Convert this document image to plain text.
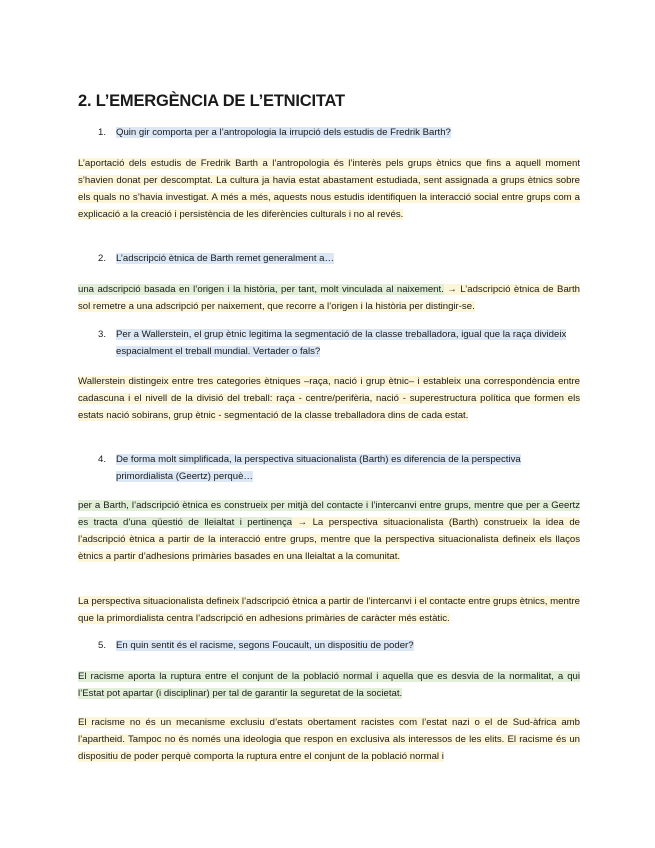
2. L’EMERGÈNCIA DE L’ETNICITAT
1.	Quin gir comporta per a l’antropologia la irrupció dels estudis de Fredrik Barth?
L’aportació dels estudis de Fredrik Barth a l’antropologia és l’interès pels grups ètnics que fins a aquell moment s’havien donat per descomptat. La cultura ja havia estat abastament estudiada, sent assignada a grups ètnics sobre els quals no s’havia investigat. A més a més, aquests nous estudis identifiquen la interacció social entre grups com a explicació a la creació i persistència de les diferències culturals i no al revés.
2.	L’adscripció ètnica de Barth remet generalment a…
una adscripció basada en l’origen i la història, per tant, molt vinculada al naixement. → L’adscripció ètnica de Barth sol remetre a una adscripció per naixement, que recorre a l’origen i la història per distingir-se.
3.	Per a Wallerstein, el grup ètnic legitima la segmentació de la classe treballadora, igual que la raça divideix espacialment el treball mundial. Vertader o fals?
Wallerstein distingeix entre tres categories ètniques –raça, nació i grup ètnic– i estableix una correspondència entre cadascuna i el nivell de la divisió del treball: raça - centre/perifèria, nació - superestructura política que formen els estats nació sobirans, grup ètnic - segmentació de la classe treballadora dins de cada estat.
4.	De forma molt simplificada, la perspectiva situacionalista (Barth) es diferencia de la perspectiva primordialista (Geertz) perquè…
per a Barth, l’adscripció ètnica es construeix per mitjà del contacte i l’intercanvi entre grups, mentre que per a Geertz es tracta d’una qüestió de lleialtat i pertinença → La perspectiva situacionalista (Barth) construeix la idea de l’adscripció ètnica a partir de la interacció entre grups, mentre que la perspectiva situacionalista defineix els llaços ètnics a partir d’adhesions primàries basades en una lleialtat a la comunitat.
La perspectiva situacionalista defineix l’adscripció ètnica a partir de l’intercanvi i el contacte entre grups ètnics, mentre que la primordialista centra l’adscripció en adhesions primàries de caràcter més estàtic.
5.	En quin sentit és el racisme, segons Foucault, un dispositiu de poder?
El racisme aporta la ruptura entre el conjunt de la població normal i aquella que es desvia de la normalitat, a qui l’Estat pot apartar (i disciplinar) per tal de garantir la seguretat de la societat.
El racisme no és un mecanisme exclusiu d’estats obertament racistes com l’estat nazi o el de Sud-àfrica amb l’apartheid. Tampoc no és només una ideologia que respon en exclusiva als interessos de les elits. El racisme és un dispositiu de poder perquè comporta la ruptura entre el conjunt de la població normal i
